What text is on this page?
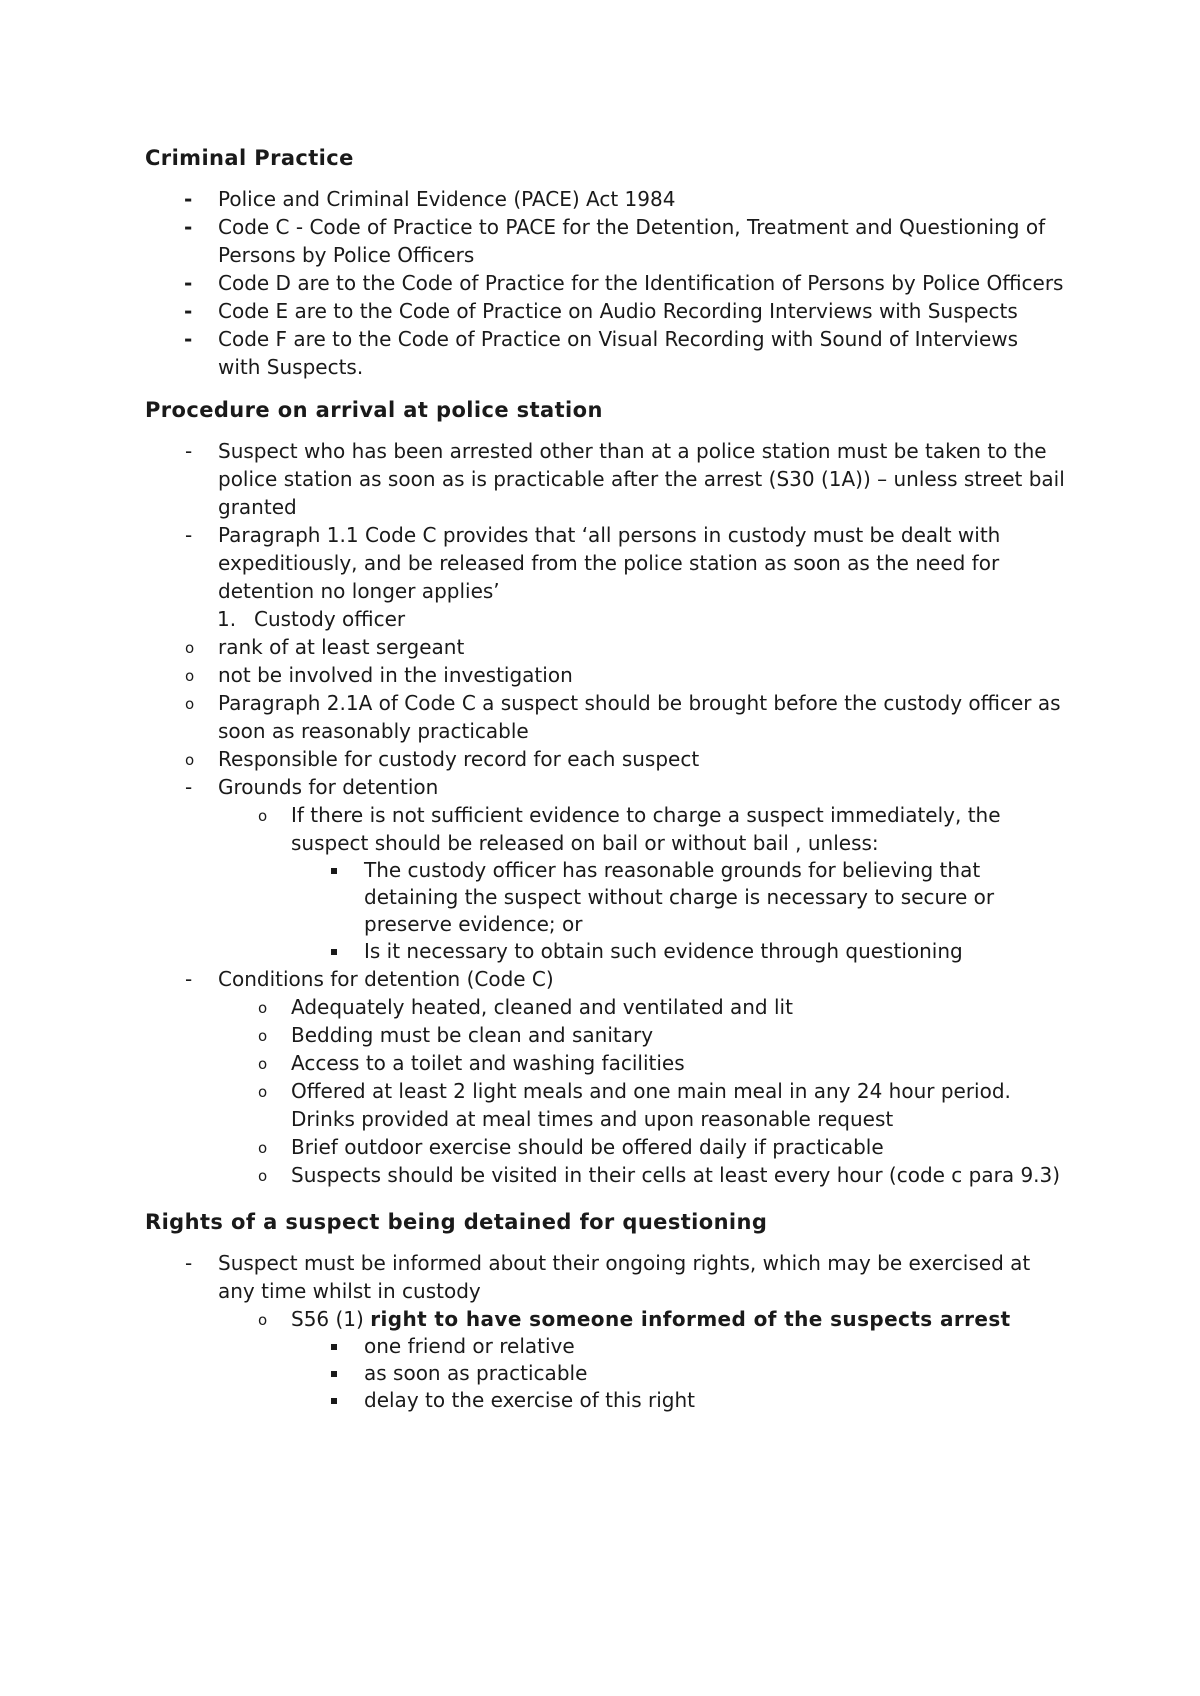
Criminal Practice
- Police and Criminal Evidence (PACE) Act 1984
- Code C - Code of Practice to PACE for the Detention, Treatment and Questioning of Persons by Police Officers
- Code D are to the Code of Practice for the Identification of Persons by Police Officers
- Code E are to the Code of Practice on Audio Recording Interviews with Suspects
- Code F are to the Code of Practice on Visual Recording with Sound of Interviews with Suspects.
Procedure on arrival at police station
- Suspect who has been arrested other than at a police station must be taken to the police station as soon as is practicable after the arrest (S30 (1A)) – unless street bail granted
- Paragraph 1.1 Code C provides that ‘all persons in custody must be dealt with expeditiously, and be released from the police station as soon as the need for detention no longer applies’
1. Custody officer
o rank of at least sergeant
o not be involved in the investigation
o Paragraph 2.1A of Code C a suspect should be brought before the custody officer as soon as reasonably practicable
o Responsible for custody record for each suspect
- Grounds for detention
o If there is not sufficient evidence to charge a suspect immediately, the suspect should be released on bail or without bail , unless:
The custody officer has reasonable grounds for believing that detaining the suspect without charge is necessary to secure or preserve evidence; or
Is it necessary to obtain such evidence through questioning
- Conditions for detention (Code C)
o Adequately heated, cleaned and ventilated and lit
o Bedding must be clean and sanitary
o Access to a toilet and washing facilities
o Offered at least 2 light meals and one main meal in any 24 hour period. Drinks provided at meal times and upon reasonable request
o Brief outdoor exercise should be offered daily if practicable
o Suspects should be visited in their cells at least every hour (code c para 9.3)
Rights of a suspect being detained for questioning
- Suspect must be informed about their ongoing rights, which may be exercised at any time whilst in custody
o S56 (1) right to have someone informed of the suspects arrest
one friend or relative
as soon as practicable
delay to the exercise of this right
